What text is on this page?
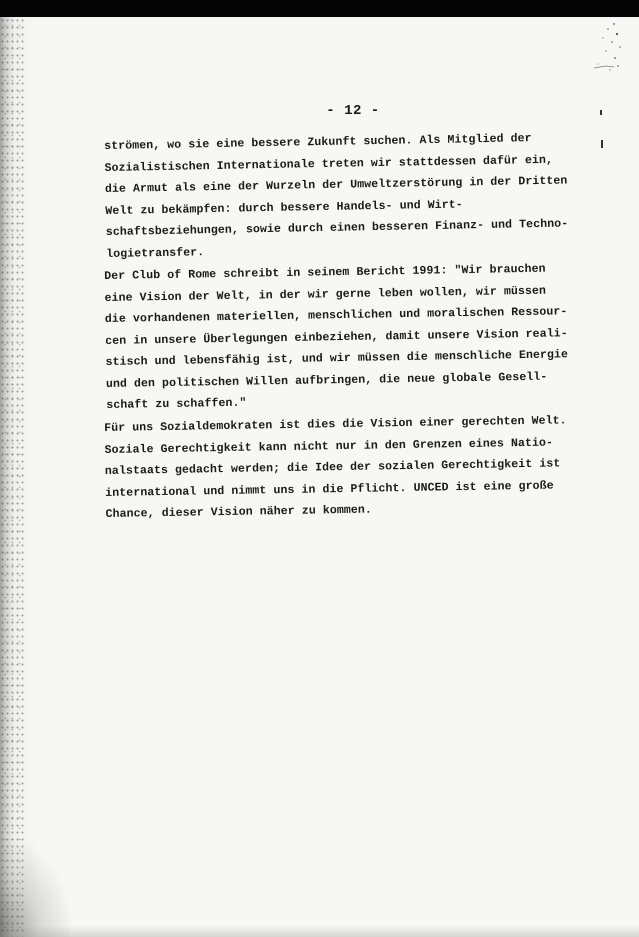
- 12 -
strömen, wo sie eine bessere Zukunft suchen. Als Mitglied der
Sozialistischen Internationale treten wir stattdessen dafür ein,
die Armut als eine der Wurzeln der Umweltzerstörung in der Dritten
Welt zu bekämpfen: durch bessere Handels- und Wirt-
schaftsbeziehungen, sowie durch einen besseren Finanz- und Techno-
logietransfer.
Der Club of Rome schreibt in seinem Bericht 1991: "Wir brauchen
eine Vision der Welt, in der wir gerne leben wollen, wir müssen
die vorhandenen materiellen, menschlichen und moralischen Ressour-
cen in unsere Überlegungen einbeziehen, damit unsere Vision reali-
stisch und lebensfähig ist, und wir müssen die menschliche Energie
und den politischen Willen aufbringen, die neue globale Gesell-
schaft zu schaffen."
Für uns Sozialdemokraten ist dies die Vision einer gerechten Welt.
Soziale Gerechtigkeit kann nicht nur in den Grenzen eines Natio-
nalstaats gedacht werden; die Idee der sozialen Gerechtigkeit ist
international und nimmt uns in die Pflicht. UNCED ist eine große
Chance, dieser Vision näher zu kommen.
